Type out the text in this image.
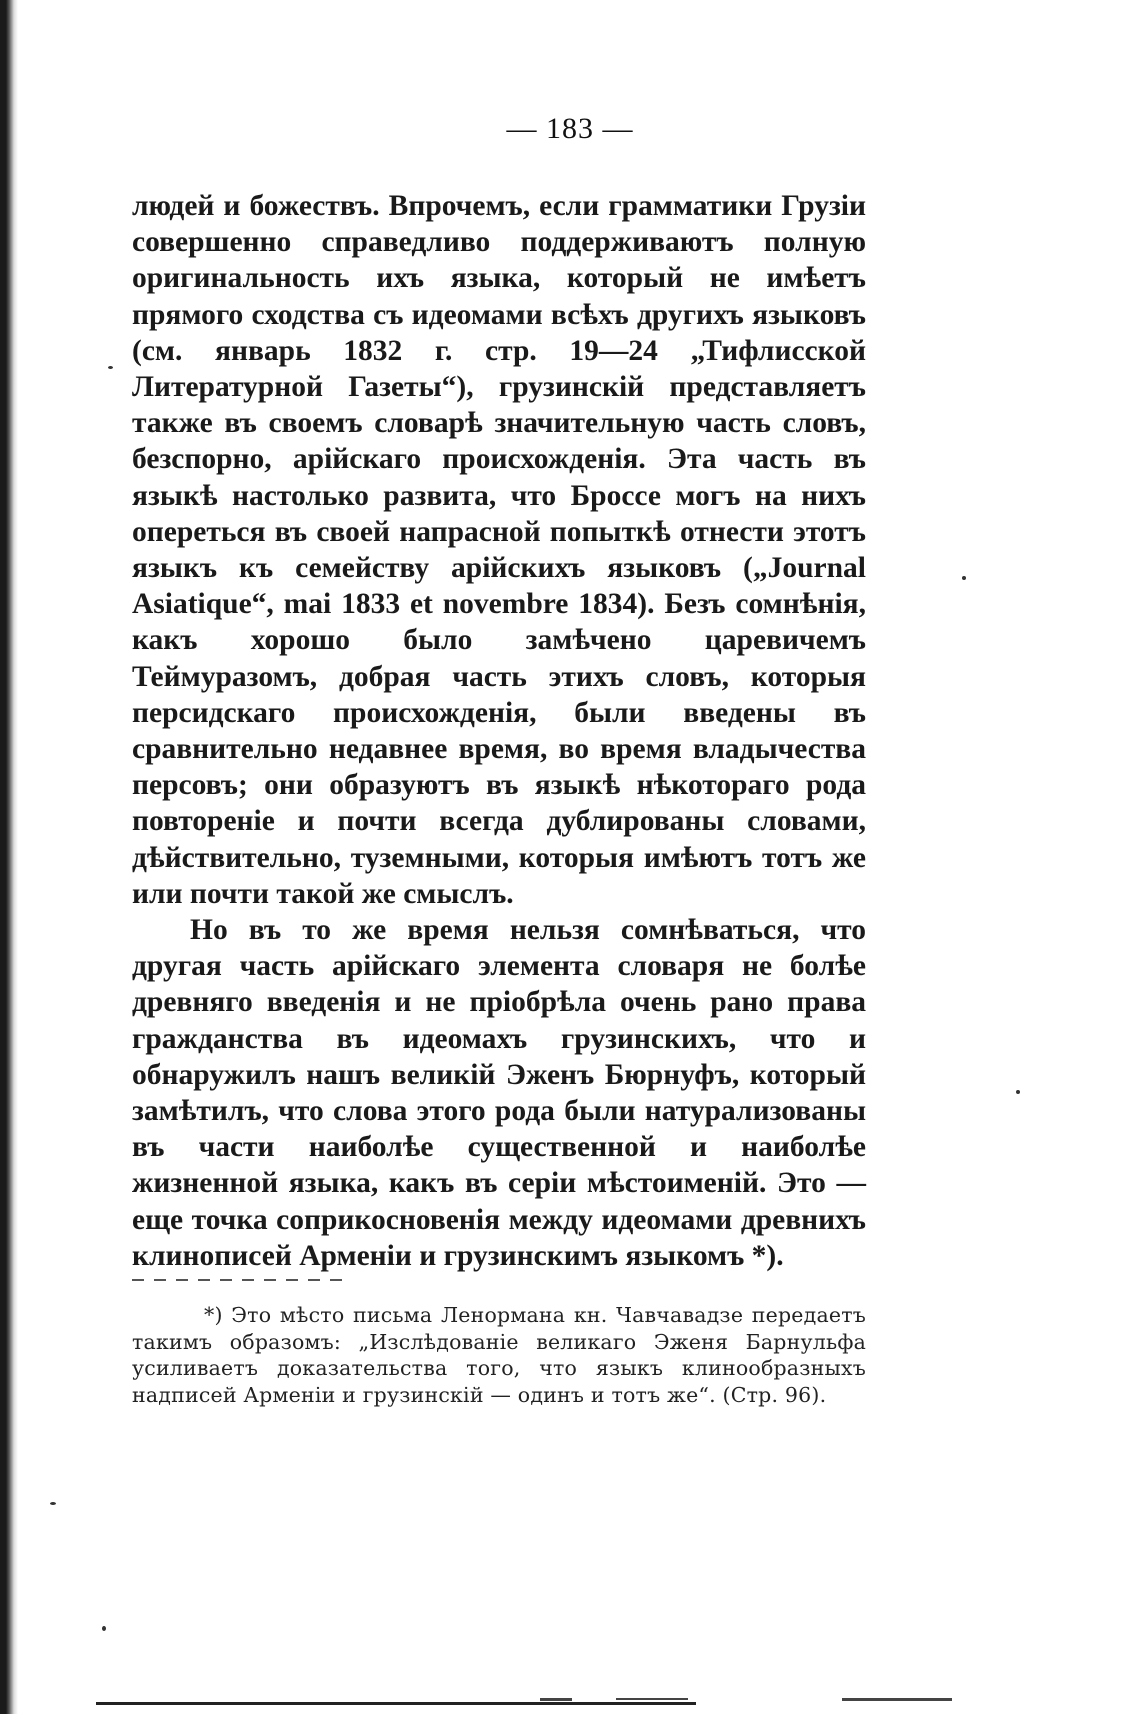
— 183 —

людей и божествъ. Впрочемъ, если грамматики Грузіи совершенно справедливо поддерживаютъ полную оригинальность ихъ языка, который не имѣетъ прямого сходства съ идеомами всѣхъ другихъ языковъ (см. январь 1832 г. стр. 19—24 „Тифлисской Литературной Газеты“), грузинскій представляетъ также въ своемъ словарѣ значительную часть словъ, безспорно, арійскаго происхожденія. Эта часть въ языкѣ настолько развита, что Броссе могъ на нихъ опереться въ своей напрасной попыткѣ отнести этотъ языкъ къ семейству арійскихъ языковъ („Journal Asiatique“, mai 1833 et novembre 1834). Безъ сомнѣнія, какъ хорошо было замѣчено царевичемъ Теймуразомъ, добрая часть этихъ словъ, которыя персидскаго происхожденія, были введены въ сравнительно недавнее время, во время владычества персовъ; они образуютъ въ языкѣ нѣкотораго рода повтореніе и почти всегда дублированы словами, дѣйствительно, туземными, которыя имѣютъ тотъ же или почти такой же смыслъ.

Но въ то же время нельзя сомнѣваться, что другая часть арійскаго элемента словаря не болѣе древняго введенія и не пріобрѣла очень рано права гражданства въ идеомахъ грузинскихъ, что и обнаружилъ нашъ великій Эженъ Бюрнуфъ, который замѣтилъ, что слова этого рода были натурализованы въ части наиболѣе существенной и наиболѣе жизненной языка, какъ въ серіи мѣстоименій. Это — еще точка соприкосновенія между идеомами древнихъ клинописей Арменіи и грузинскимъ языкомъ *).

*) Это мѣсто письма Ленормана кн. Чавчавадзе передаетъ такимъ образомъ: „Изслѣдованіе великаго Эженя Барнульфа усиливаетъ доказательства того, что языкъ клинообразныхъ надписей Арменіи и грузинскій — одинъ и тотъ же“. (Стр. 96).
